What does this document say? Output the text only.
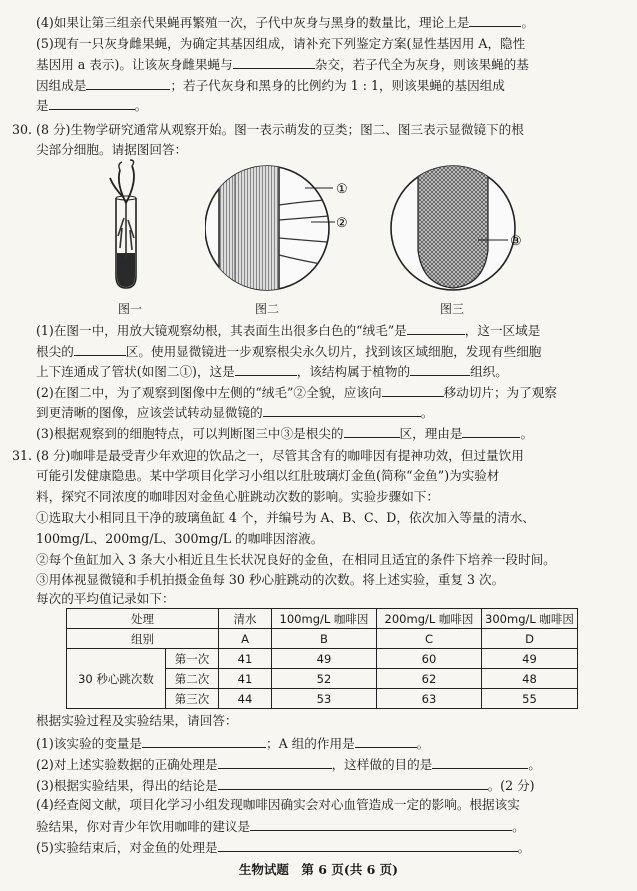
(4)如果让第三组亲代果蝇再繁殖一次，子代中灰身与黑身的数量比，理论上是	。
(5)现有一只灰身雌果蝇，为确定其基因组成，请补充下列鉴定方案(显性基因用 A，隐性
基因用 a 表示)。让该灰身雌果蝇与	杂交，若子代全为灰身，则该果蝇的基
因组成是	；若子代灰身和黑身的比例约为 1 : 1，则该果蝇的基因组成
是	。
30. (8 分)生物学研究通常从观察开始。图一表示萌发的豆类；图二、图三表示显微镜下的根
尖部分细胞。请据图回答：
①
②
③
图一	图二	图三
(1)在图一中，用放大镜观察幼根，其表面生出很多白色的“绒毛”是	，这一区域是
根尖的	区。使用显微镜进一步观察根尖永久切片，找到该区域细胞，发现有些细胞
上下连通成了管状(如图二①)，这是	，该结构属于植物的	组织。
(2)在图二中，为了观察到图像中左侧的“绒毛”②全貌，应该向	移动切片；为了观察
到更清晰的图像，应该尝试转动显微镜的	。
(3)根据观察到的细胞特点，可以判断图三中③是根尖的	区，理由是	。
31. (8 分)咖啡是最受青少年欢迎的饮品之一，尽管其含有的咖啡因有提神功效，但过量饮用
可能引发健康隐患。某中学项目化学习小组以红肚玻璃灯金鱼(简称“金鱼”)为实验材
料，探究不同浓度的咖啡因对金鱼心脏跳动次数的影响。实验步骤如下：
①选取大小相同且干净的玻璃鱼缸 4 个，并编号为 A、B、C、D，依次加入等量的清水、
100mg/L、200mg/L、300mg/L 的咖啡因溶液。
②每个鱼缸加入 3 条大小相近且生长状况良好的金鱼，在相同且适宜的条件下培养一段时间。
③用体视显微镜和手机拍摄金鱼每 30 秒心脏跳动的次数。将上述实验，重复 3 次。
每次的平均值记录如下：
处理		清水	100mg/L 咖啡因	200mg/L 咖啡因	300mg/L 咖啡因
组别		A	B	C	D
30 秒心跳次数	第一次	41	49	60	49
	第二次	41	52	62	48
	第三次	44	53	63	55
根据实验过程及实验结果，请回答：
(1)该实验的变量是	；A 组的作用是	。
(2)对上述实验数据的正确处理是	，这样做的目的是	。
(3)根据实验结果，得出的结论是	。(2 分)
(4)经查阅文献，项目化学习小组发现咖啡因确实会对心血管造成一定的影响。根据该实
验结果，你对青少年饮用咖啡的建议是	。
(5)实验结束后，对金鱼的处理是	。
生物试题　第 6 页(共 6 页)
